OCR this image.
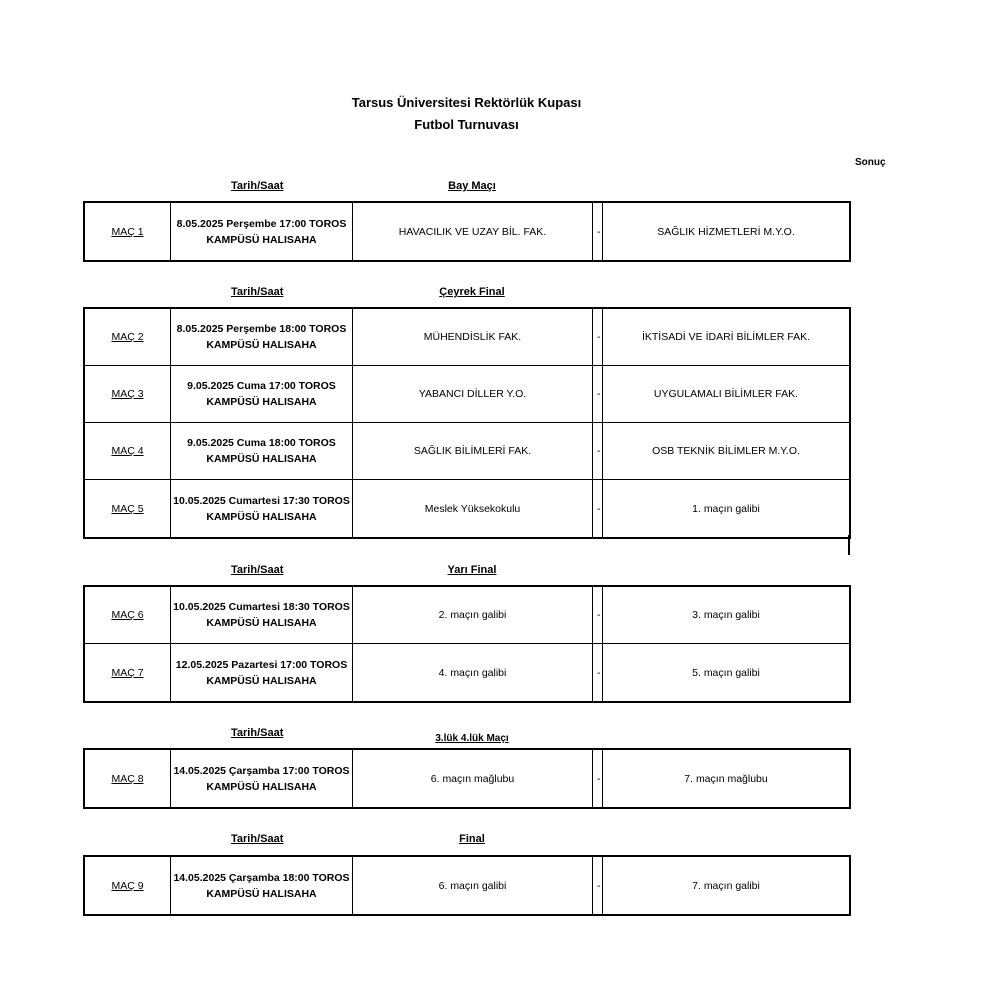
Tarsus Üniversitesi Rektörlük Kupası
Futbol Turnuvası
Sonuç
Tarih/Saat	Bay Maçı
MAÇ 1
8.05.2025 Perşembe 17:00 TOROS KAMPÜSÜ HALISAHA
HAVACILIK VE UZAY BİL. FAK.	-	SAĞLIK HİZMETLERİ M.Y.O.
Tarih/Saat	Çeyrek Final
MAÇ 2
8.05.2025 Perşembe 18:00 TOROS KAMPÜSÜ HALISAHA
MÜHENDİSLİK FAK.	-	İKTİSADİ VE İDARİ BİLİMLER FAK.
MAÇ 3
9.05.2025 Cuma 17:00 TOROS KAMPÜSÜ HALISAHA
YABANCI DİLLER Y.O.	-	UYGULAMALI BİLİMLER FAK.
MAÇ 4
9.05.2025 Cuma 18:00 TOROS KAMPÜSÜ HALISAHA
SAĞLIK BİLİMLERİ FAK.	-	OSB TEKNİK BİLİMLER M.Y.O.
MAÇ 5
10.05.2025 Cumartesi 17:30 TOROS KAMPÜSÜ HALISAHA
Meslek Yüksekokulu	-	1. maçın galibi
Tarih/Saat	Yarı Final
MAÇ 6
10.05.2025 Cumartesi 18:30 TOROS KAMPÜSÜ HALISAHA
2. maçın galibi	-	3. maçın galibi
MAÇ 7
12.05.2025 Pazartesi 17:00 TOROS KAMPÜSÜ HALISAHA
4. maçın galibi	-	5. maçın galibi
Tarih/Saat	3.lük 4.lük Maçı
MAÇ 8
14.05.2025 Çarşamba 17:00 TOROS KAMPÜSÜ HALISAHA
6. maçın mağlubu	-	7. maçın mağlubu
Tarih/Saat	Final
MAÇ 9
14.05.2025 Çarşamba 18:00 TOROS KAMPÜSÜ HALISAHA
6. maçın galibi	-	7. maçın galibi
